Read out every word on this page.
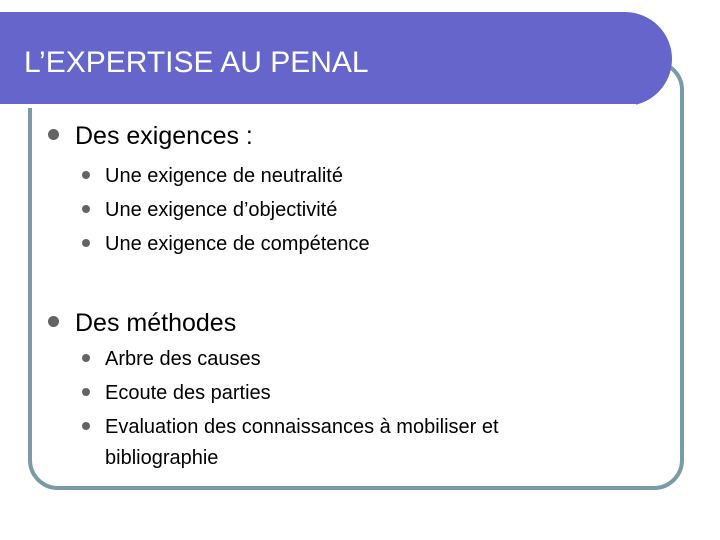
L’EXPERTISE AU PENAL
Des exigences :
Une exigence de neutralité
Une exigence d’objectivité
Une exigence de compétence
Des méthodes
Arbre des causes
Ecoute des parties
Evaluation des connaissances à mobiliser et
bibliographie
